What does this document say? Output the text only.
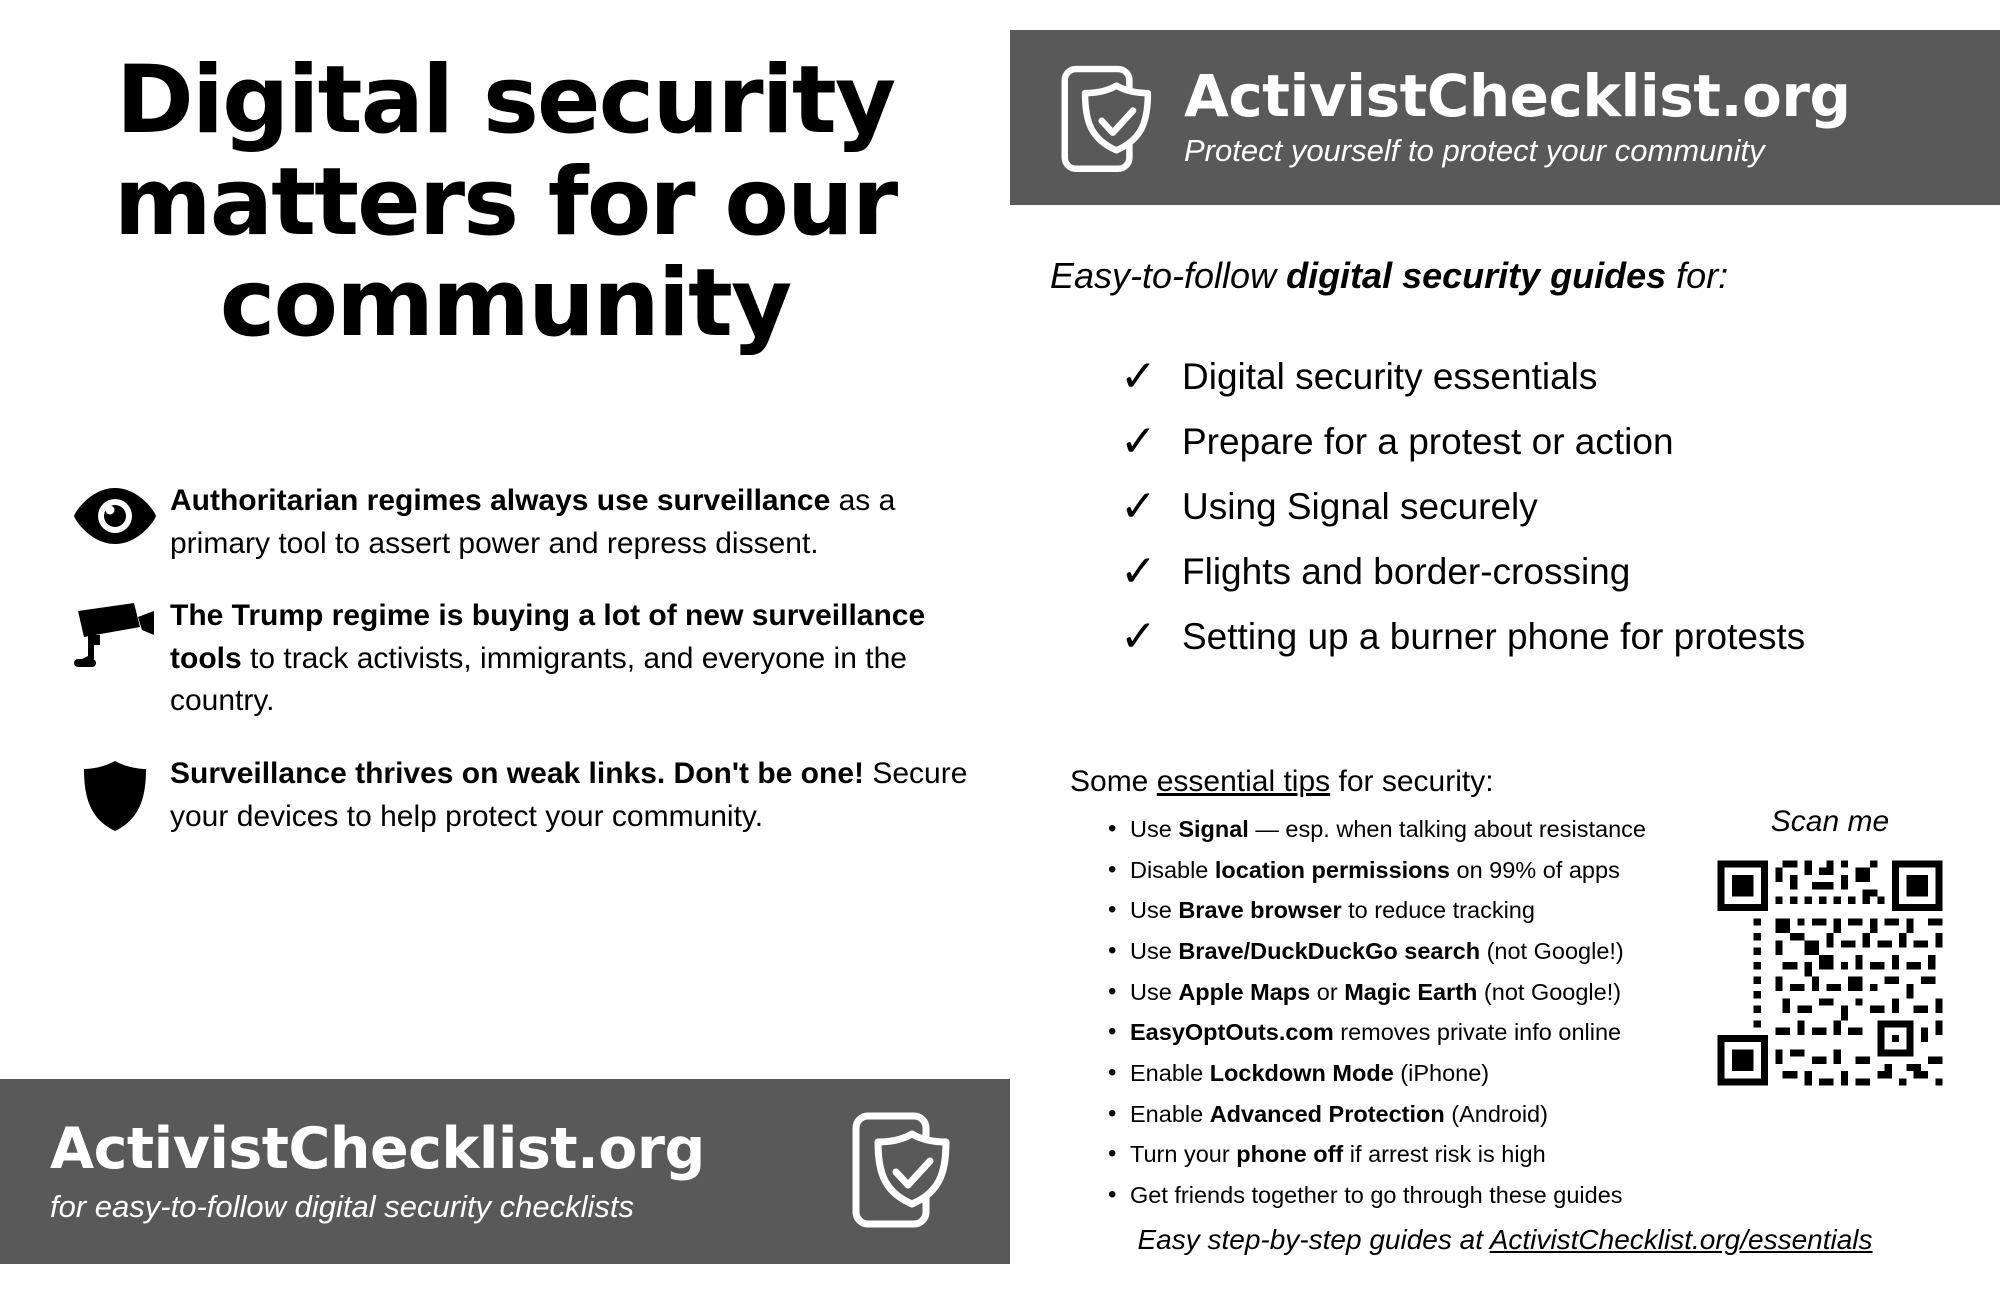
Digital security matters for our community
Authoritarian regimes always use surveillance as a primary tool to assert power and repress dissent.
The Trump regime is buying a lot of new surveillance tools to track activists, immigrants, and everyone in the country.
Surveillance thrives on weak links. Don't be one! Secure your devices to help protect your community.
ActivistChecklist.org
for easy-to-follow digital security checklists
ActivistChecklist.org
Protect yourself to protect your community
Easy-to-follow digital security guides for:
✓ Digital security essentials
✓ Prepare for a protest or action
✓ Using Signal securely
✓ Flights and border-crossing
✓ Setting up a burner phone for protests
Some essential tips for security:
• Use Signal — esp. when talking about resistance
• Disable location permissions on 99% of apps
• Use Brave browser to reduce tracking
• Use Brave/DuckDuckGo search (not Google!)
• Use Apple Maps or Magic Earth (not Google!)
• EasyOptOuts.com removes private info online
• Enable Lockdown Mode (iPhone)
• Enable Advanced Protection (Android)
• Turn your phone off if arrest risk is high
• Get friends together to go through these guides
Scan me
Easy step-by-step guides at ActivistChecklist.org/essentials
